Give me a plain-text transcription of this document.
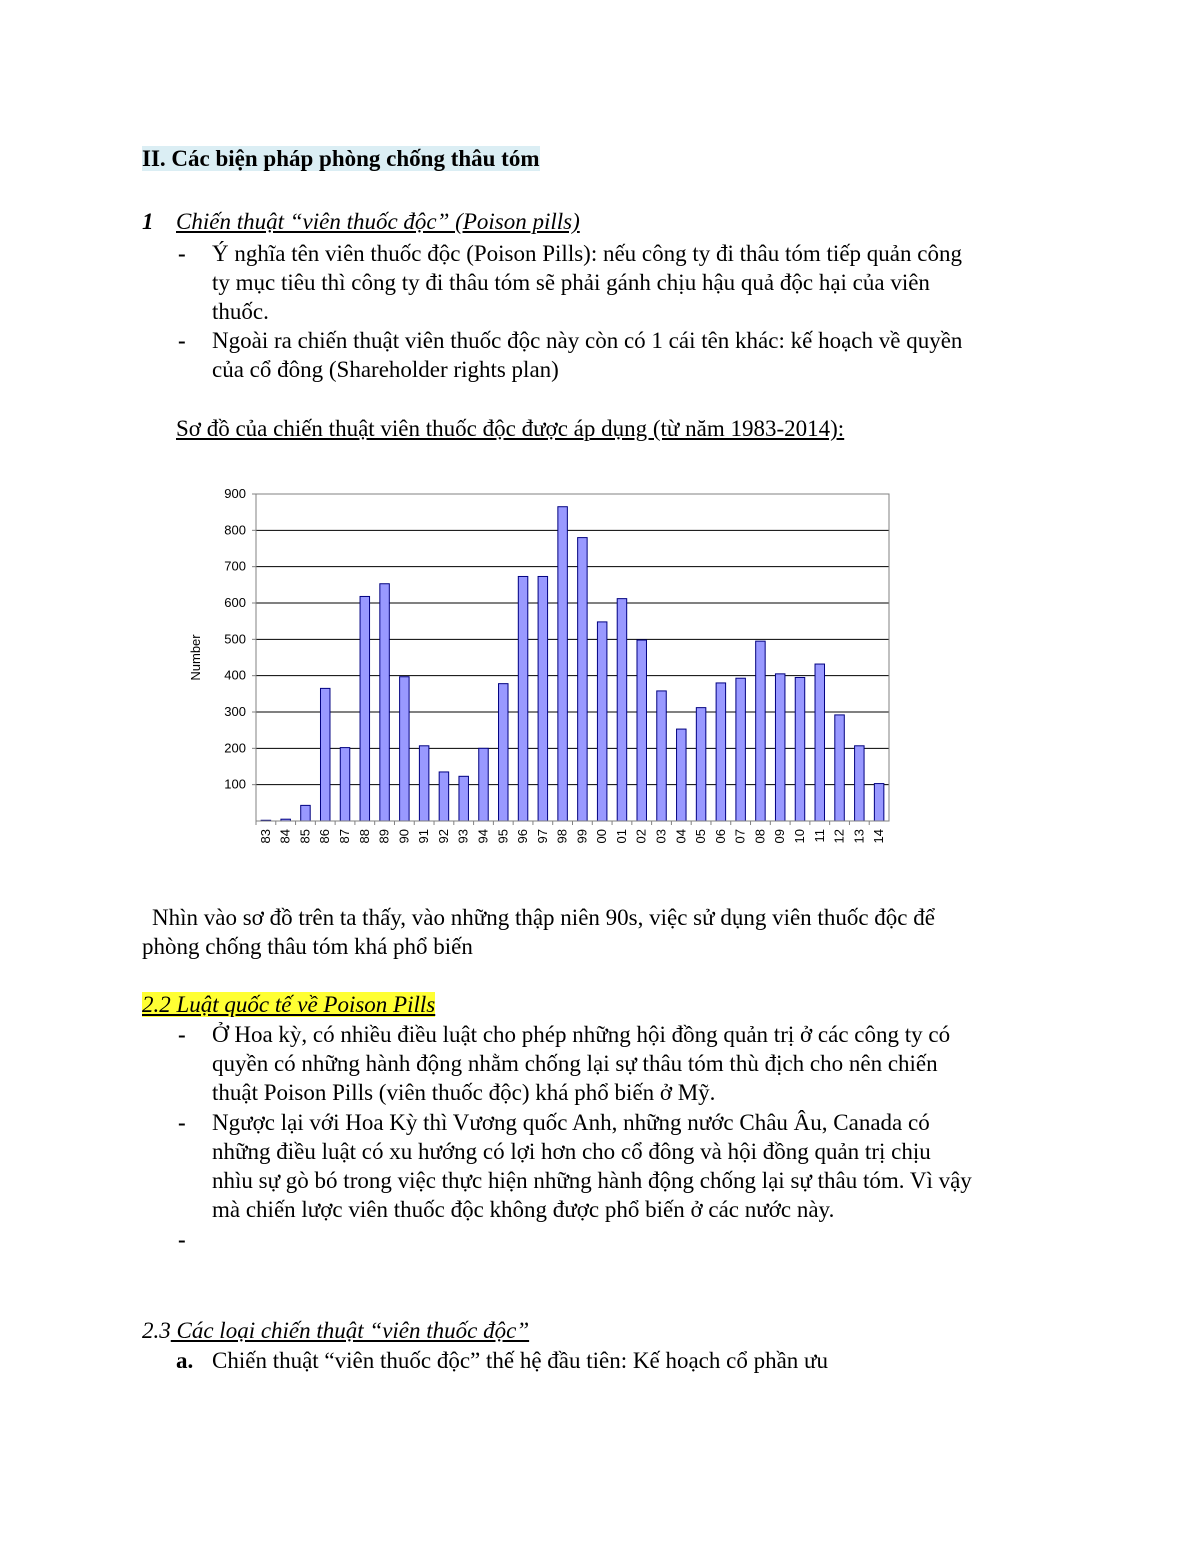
II. Các biện pháp phòng chống thâu tóm
1 Chiến thuật “viên thuốc độc” (Poison pills)
- Ý nghĩa tên viên thuốc độc (Poison Pills): nếu công ty đi thâu tóm tiếp quản công
ty mục tiêu thì công ty đi thâu tóm sẽ phải gánh chịu hậu quả độc hại của viên
thuốc.
- Ngoài ra chiến thuật viên thuốc độc này còn có 1 cái tên khác: kế hoạch về quyền
của cổ đông (Shareholder rights plan)
Sơ đồ của chiến thuật viên thuốc độc được áp dụng (từ năm 1983-2014):
100
200
300
400
500
600
700
800
900
83 84 85 86 87 88 89 90 91 92 93 94 95 96 97 98 99 00 01 02 03 04 05 06 07 08 09 10 11 12 13 14
Number
Nhìn vào sơ đồ trên ta thấy, vào những thập niên 90s, việc sử dụng viên thuốc độc để
phòng chống thâu tóm khá phổ biến
2.2 Luật quốc tế về Poison Pills
- Ở Hoa kỳ, có nhiều điều luật cho phép những hội đồng quản trị ở các công ty có
quyền có những hành động nhằm chống lại sự thâu tóm thù địch cho nên chiến
thuật Poison Pills (viên thuốc độc) khá phổ biến ở Mỹ.
- Ngược lại với Hoa Kỳ thì Vương quốc Anh, những nước Châu Âu, Canada có
những điều luật có xu hướng có lợi hơn cho cổ đông và hội đồng quản trị chịu
nhìu sự gò bó trong việc thực hiện những hành động chống lại sự thâu tóm. Vì vậy
mà chiến lược viên thuốc độc không được phổ biến ở các nước này.
-
2.3 Các loại chiến thuật “viên thuốc độc”
a. Chiến thuật “viên thuốc độc” thế hệ đầu tiên: Kế hoạch cổ phần ưu
